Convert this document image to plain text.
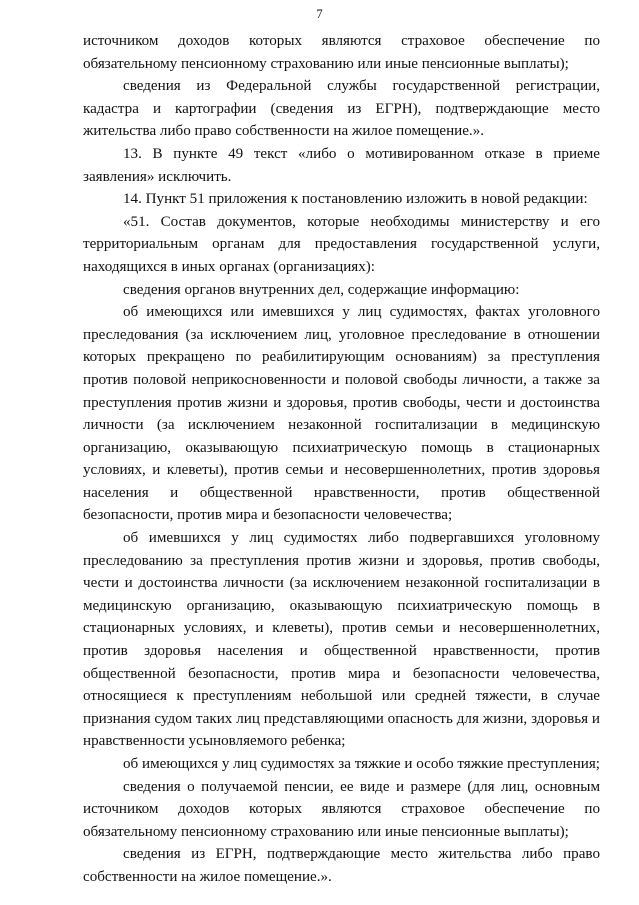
7

источником доходов которых являются страховое обеспечение по обязательному пенсионному страхованию или иные пенсионные выплаты);

сведения из Федеральной службы государственной регистрации, кадастра и картографии (сведения из ЕГРН), подтверждающие место жительства либо право собственности на жилое помещение.».

13. В пункте 49 текст «либо о мотивированном отказе в приеме заявления» исключить.

14. Пункт 51 приложения к постановлению изложить в новой редакции:

«51. Состав документов, которые необходимы министерству и его территориальным органам для предоставления государственной услуги, находящихся в иных органах (организациях):

сведения органов внутренних дел, содержащие информацию:

об имеющихся или имевшихся у лиц судимостях, фактах уголовного преследования (за исключением лиц, уголовное преследование в отношении которых прекращено по реабилитирующим основаниям) за преступления против половой неприкосновенности и половой свободы личности, а также за преступления против жизни и здоровья, против свободы, чести и достоинства личности (за исключением незаконной госпитализации в медицинскую организацию, оказывающую психиатрическую помощь в стационарных условиях, и клеветы), против семьи и несовершеннолетних, против здоровья населения и общественной нравственности, против общественной безопасности, против мира и безопасности человечества;

об имевшихся у лиц судимостях либо подвергавшихся уголовному преследованию за преступления против жизни и здоровья, против свободы, чести и достоинства личности (за исключением незаконной госпитализации в медицинскую организацию, оказывающую психиатрическую помощь в стационарных условиях, и клеветы), против семьи и несовершеннолетних, против здоровья населения и общественной нравственности, против общественной безопасности, против мира и безопасности человечества, относящиеся к преступлениям небольшой или средней тяжести, в случае признания судом таких лиц представляющими опасность для жизни, здоровья и нравственности усыновляемого ребенка;

об имеющихся у лиц судимостях за тяжкие и особо тяжкие преступления;

сведения о получаемой пенсии, ее виде и размере (для лиц, основным источником доходов которых являются страховое обеспечение по обязательному пенсионному страхованию или иные пенсионные выплаты);

сведения из ЕГРН, подтверждающие место жительства либо право собственности на жилое помещение.».
